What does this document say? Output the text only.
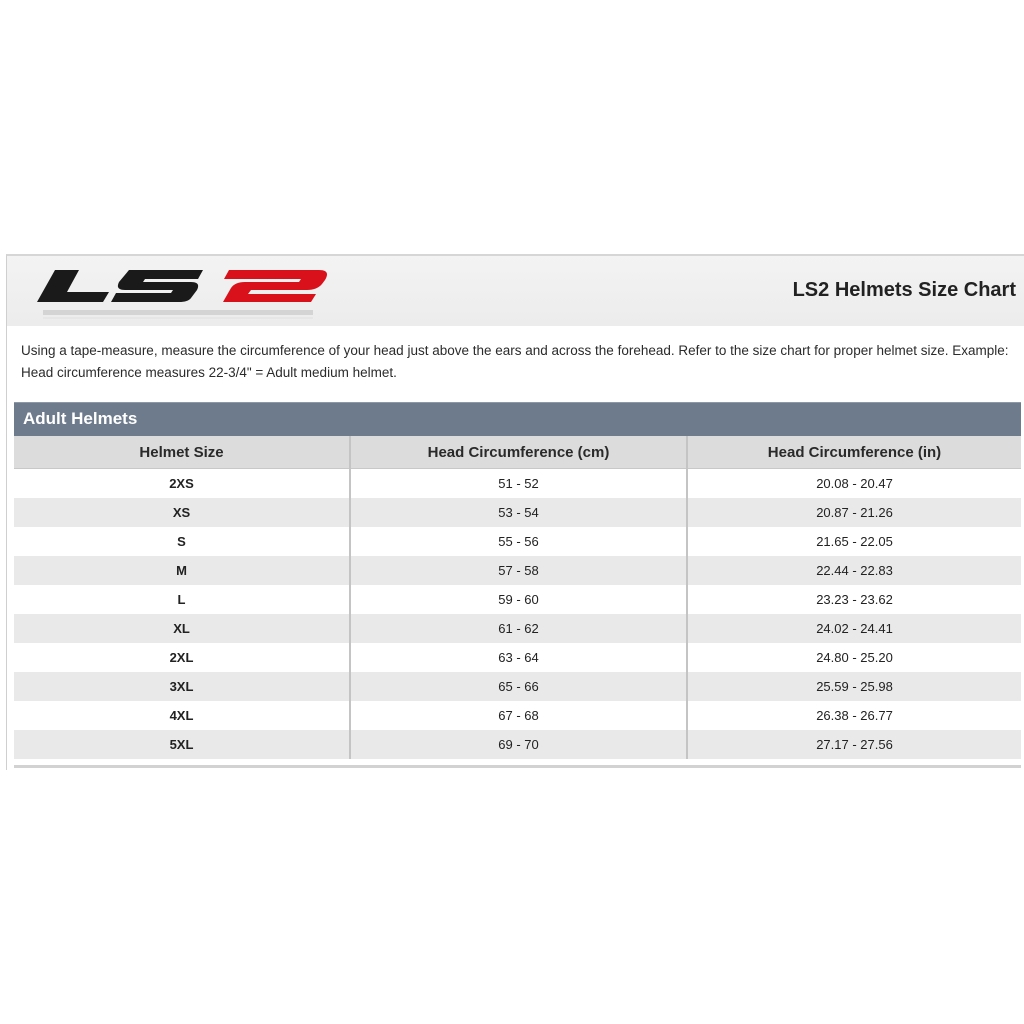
LS2 Helmets Size Chart
Using a tape-measure, measure the circumference of your head just above the ears and across the forehead. Refer to the size chart for proper helmet size. Example: Head circumference measures 22-3/4" = Adult medium helmet.
Adult Helmets
Helmet Size	Head Circumference (cm)	Head Circumference (in)
2XS	51 - 52	20.08 - 20.47
XS	53 - 54	20.87 - 21.26
S	55 - 56	21.65 - 22.05
M	57 - 58	22.44 - 22.83
L	59 - 60	23.23 - 23.62
XL	61 - 62	24.02 - 24.41
2XL	63 - 64	24.80 - 25.20
3XL	65 - 66	25.59 - 25.98
4XL	67 - 68	26.38 - 26.77
5XL	69 - 70	27.17 - 27.56
